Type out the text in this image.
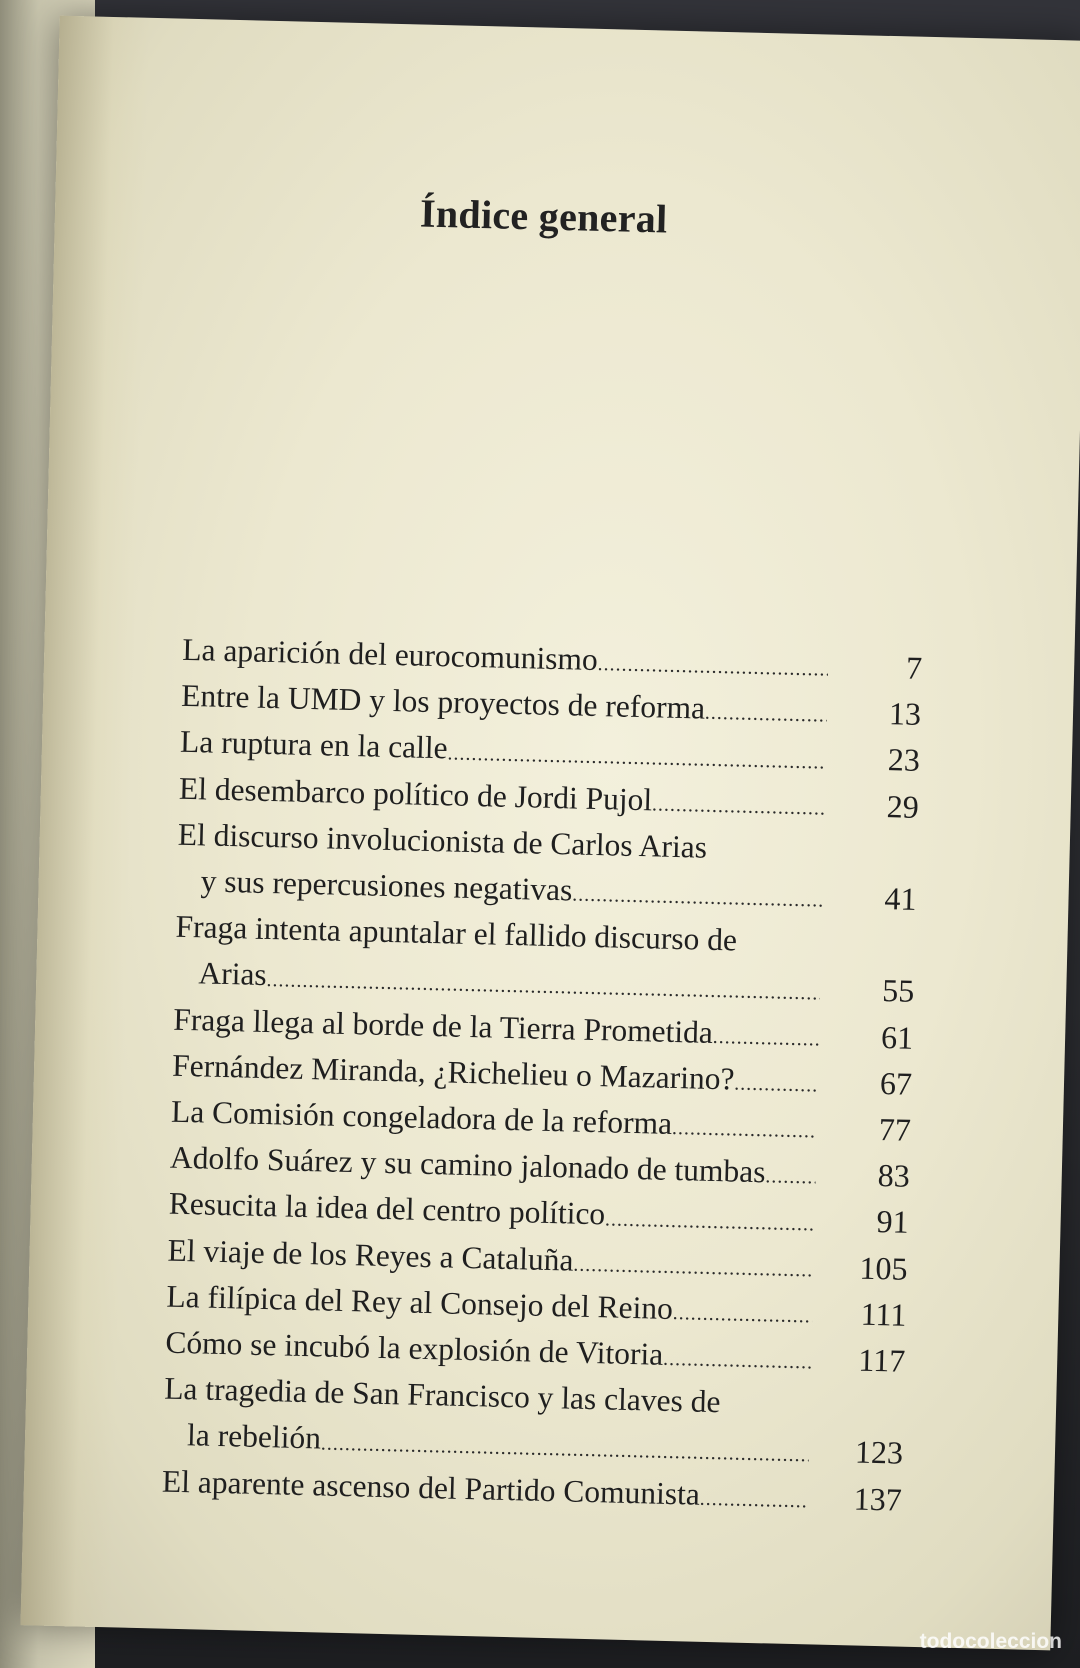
Índice general
La aparición del eurocomunismo .....	7
Entre la UMD y los proyectos de reforma .....	13
La ruptura en la calle .....	23
El desembarco político de Jordi Pujol .....	29
El discurso involucionista de Carlos Arias
y sus repercusiones negativas .....	41
Fraga intenta apuntalar el fallido discurso de
Arias .....	55
Fraga llega al borde de la Tierra Prometida .....	61
Fernández Miranda, ¿Richelieu o Mazarino? .....	67
La Comisión congeladora de la reforma .....	77
Adolfo Suárez y su camino jalonado de tumbas .....	83
Resucita la idea del centro político .....	91
El viaje de los Reyes a Cataluña .....	105
La filípica del Rey al Consejo del Reino .....	111
Cómo se incubó la explosión de Vitoria .....	117
La tragedia de San Francisco y las claves de
la rebelión .....	123
El aparente ascenso del Partido Comunista .....	137
todocoleccion
